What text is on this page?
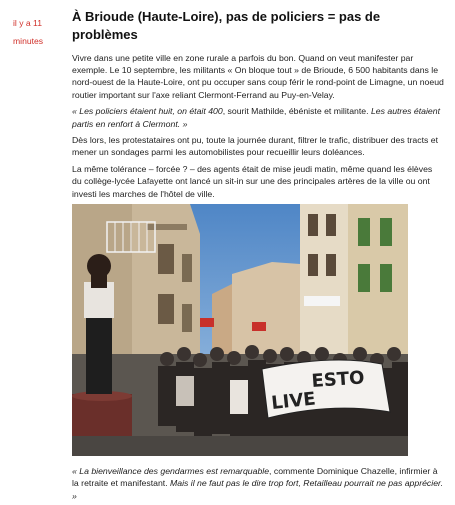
il y a 11
minutes
À Brioude (Haute-Loire), pas de policiers = pas de problèmes

Vivre dans une petite ville en zone rurale a parfois du bon. Quand on veut manifester par exemple. Le 10 septembre, les militants « On bloque tout » de Brioude, 6 500 habitants dans le nord-ouest de la Haute-Loire, ont pu occuper sans coup férir le rond-point de Limagne, un noeud routier important sur l'axe reliant Clermont-Ferrand au Puy-en-Velay.

« Les policiers étaient huit, on était 400, sourit Mathilde, ébéniste et militante. Les autres étaient partis en renfort à Clermont. »

Dès lors, les protestataires ont pu, toute la journée durant, filtrer le trafic, distribuer des tracts et mener un sondages parmi les automobilistes pour recueillir leurs doléances.

La même tolérance – forcée ? – des agents était de mise jeudi matin, même quand les élèves du collège-lycée Lafayette ont lancé un sit-in sur une des principales artères de la ville ou ont investi les marches de l'hôtel de ville.

ESTO
LIVE

« La bienveillance des gendarmes est remarquable, commente Dominique Chazelle, infirmier à la retraite et manifestant. Mais il ne faut pas le dire trop fort, Retailleau pourrait ne pas apprécier. »
